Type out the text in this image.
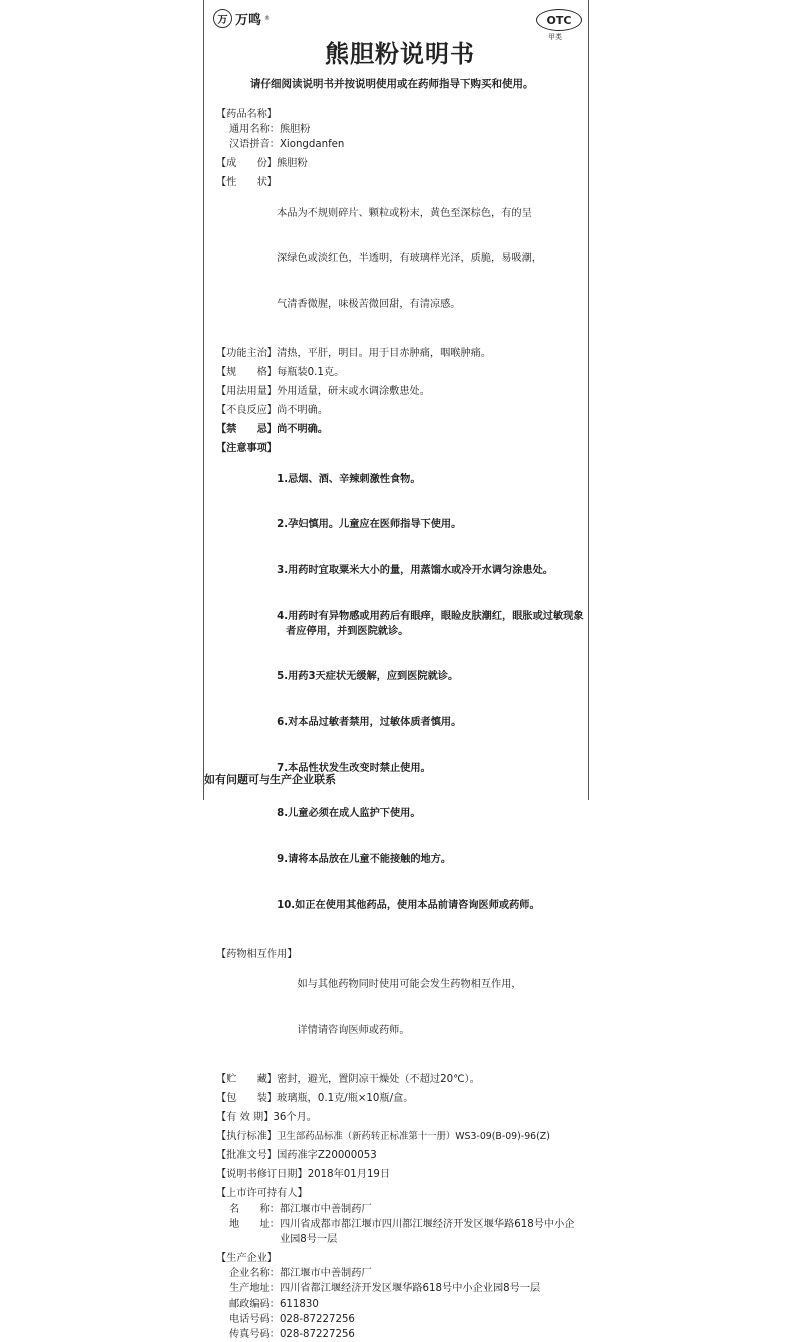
万 万鸣 ®	OTC
甲类
熊胆粉说明书
请仔细阅读说明书并按说明使用或在药师指导下购买和使用。
【药品名称】
通用名称：熊胆粉
汉语拼音：Xiongdanfen
【成　　份】 熊胆粉
【性　　状】

本品为不规则碎片、颗粒或粉末，黄色至深棕色，有的呈

深绿色或淡红色，半透明，有玻璃样光泽，质脆，易吸潮，

气清香微腥，味极苦微回甜，有清凉感。

【功能主治】 清热，平肝，明目。用于目赤肿痛，咽喉肿痛。
【规　　格】 每瓶装0.1克。
【用法用量】 外用适量，研末或水调涂敷患处。
【不良反应】 尚不明确。
【禁　　忌】 尚不明确。
【注意事项】

1.忌烟、酒、辛辣刺激性食物。

2.孕妇慎用。儿童应在医师指导下使用。

3.用药时宜取粟米大小的量，用蒸馏水或冷开水调匀涂患处。

4.用药时有异物感或用药后有眼痒，眼睑皮肤潮红，眼胀或过敏现象者应停用，并到医院就诊。

5.用药3天症状无缓解，应到医院就诊。

6.对本品过敏者禁用，过敏体质者慎用。

7.本品性状发生改变时禁止使用。

8.儿童必须在成人监护下使用。

9.请将本品放在儿童不能接触的地方。

10.如正在使用其他药品，使用本品前请咨询医师或药师。

【药物相互作用】

如与其他药物同时使用可能会发生药物相互作用，

详情请咨询医师或药师。

【贮　　藏】 密封，避光，置阴凉干燥处（不超过20℃）。
【包　　装】 玻璃瓶，0.1克/瓶×10瓶/盒。
【有 效 期】 36个月。
【执行标准】 卫生部药品标准（新药转正标准第十一册）WS3-09(B-09)-96(Z)
【批准文号】 国药准字Z20000053
【说明书修订日期】 2018年01月19日
【上市许可持有人】
名　　称： 都江堰市中善制药厂
地　　址： 四川省成都市都江堰市四川都江堰经济开发区堰华路618号中小企业园8号一层
【生产企业】
企业名称：都江堰市中善制药厂
生产地址：四川省都江堰经济开发区堰华路618号中小企业园8号一层
邮政编码：611830
电话号码：028-87227256
传真号码：028-87227256
如有问题可与生产企业联系
